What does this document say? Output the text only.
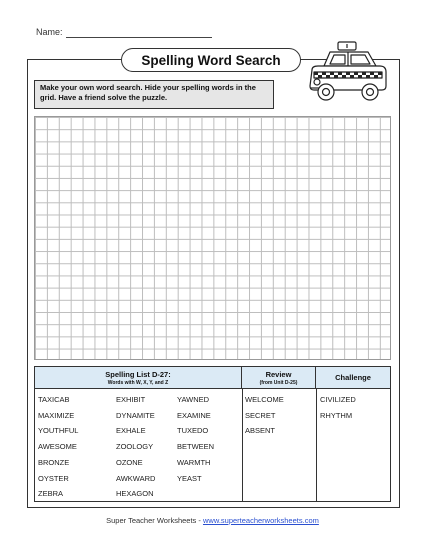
Name:
Spelling Word Search
Make your own word search. Hide your spelling words in the grid. Have a friend solve the puzzle.
Spelling List D-27:
Words with W, X, Y, and Z
Review
(from Unit D-25)
Challenge
TAXICAB
MAXIMIZE
YOUTHFUL
AWESOME
BRONZE
OYSTER
ZEBRA
EXHIBIT
DYNAMITE
EXHALE
ZOOLOGY
OZONE
AWKWARD
HEXAGON
YAWNED
EXAMINE
TUXEDO
BETWEEN
WARMTH
YEAST
WELCOME
SECRET
ABSENT
CIVILIZED
RHYTHM
Super Teacher Worksheets - www.superteacherworksheets.com
